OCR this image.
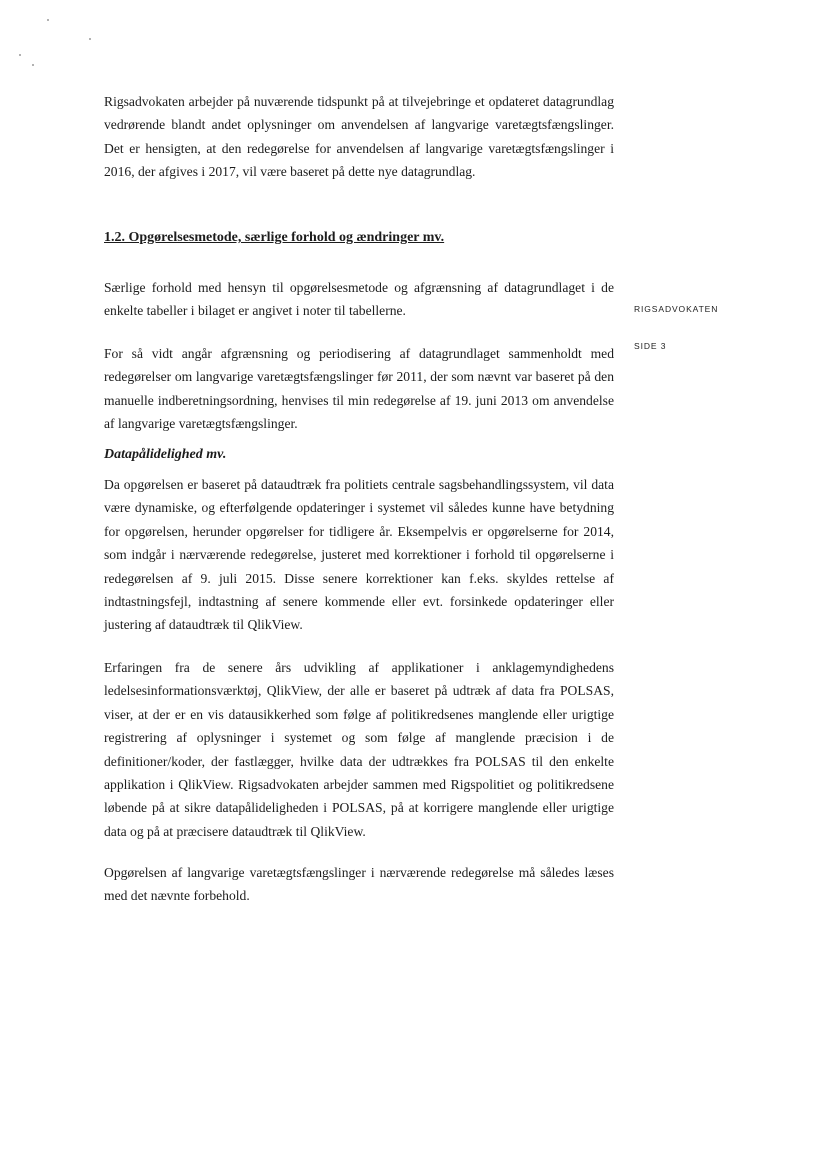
Rigsadvokaten arbejder på nuværende tidspunkt på at tilvejebringe et opdateret datagrundlag vedrørende blandt andet oplysninger om anvendelsen af langvarige varetægtsfængslinger. Det er hensigten, at den redegørelse for anvendelsen af langvarige varetægtsfængslinger i 2016, der afgives i 2017, vil være baseret på dette nye datagrundlag.

1.2. Opgørelsesmetode, særlige forhold og ændringer mv.

Særlige forhold med hensyn til opgørelsesmetode og afgrænsning af datagrundlaget i de enkelte tabeller i bilaget er angivet i noter til tabellerne.

For så vidt angår afgrænsning og periodisering af datagrundlaget sammenholdt med redegørelser om langvarige varetægtsfængslinger før 2011, der som nævnt var baseret på den manuelle indberetningsordning, henvises til min redegørelse af 19. juni 2013 om anvendelse af langvarige varetægtsfængslinger.

Datapålidelighed mv.

Da opgørelsen er baseret på dataudtræk fra politiets centrale sagsbehandlingssystem, vil data være dynamiske, og efterfølgende opdateringer i systemet vil således kunne have betydning for opgørelsen, herunder opgørelser for tidligere år. Eksempelvis er opgørelserne for 2014, som indgår i nærværende redegørelse, justeret med korrektioner i forhold til opgørelserne i redegørelsen af 9. juli 2015. Disse senere korrektioner kan f.eks. skyldes rettelse af indtastningsfejl, indtastning af senere kommende eller evt. forsinkede opdateringer eller justering af dataudtræk til QlikView.

Erfaringen fra de senere års udvikling af applikationer i anklagemyndighedens ledelsesinformationsværktøj, QlikView, der alle er baseret på udtræk af data fra POLSAS, viser, at der er en vis datausikkerhed som følge af politikredsenes manglende eller urigtige registrering af oplysninger i systemet og som følge af manglende præcision i de definitioner/koder, der fastlægger, hvilke data der udtrækkes fra POLSAS til den enkelte applikation i QlikView. Rigsadvokaten arbejder sammen med Rigspolitiet og politikredsene løbende på at sikre datapålideligheden i POLSAS, på at korrigere manglende eller urigtige data og på at præcisere dataudtræk til QlikView.

Opgørelsen af langvarige varetægtsfængslinger i nærværende redegørelse må således læses med det nævnte forbehold.

RIGSADVOKATEN
SIDE 3
